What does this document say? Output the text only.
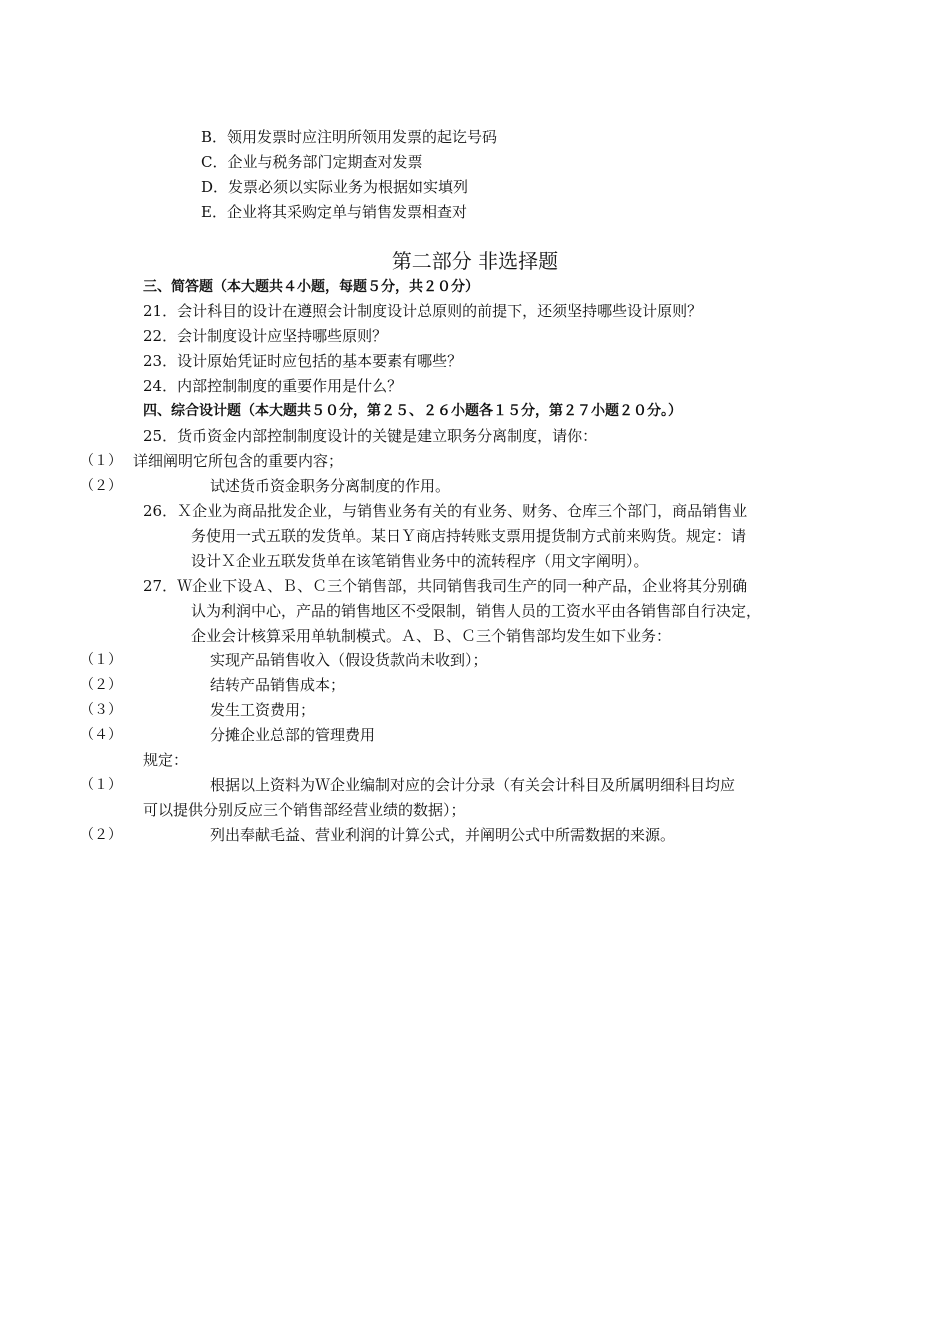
B．领用发票时应注明所领用发票的起讫号码
C．企业与税务部门定期查对发票
D．发票必须以实际业务为根据如实填列
E．企业将其采购定单与销售发票相查对
第二部分 非选择题
三、简答题（本大题共４小题，每题５分，共２０分）
21．会计科目的设计在遵照会计制度设计总原则的前提下，还须坚持哪些设计原则？
22．会计制度设计应坚持哪些原则？
23．设计原始凭证时应包括的基本要素有哪些？
24．内部控制制度的重要作用是什么？
四、综合设计题（本大题共５０分，第２５、２６小题各１５分，第２７小题２０分。）
25．货币资金内部控制制度设计的关键是建立职务分离制度，请你：
（１） 详细阐明它所包含的重要内容；
（２）	试述货币资金职务分离制度的作用。
26．Ｘ企业为商品批发企业，与销售业务有关的有业务、财务、仓库三个部门，商品销售业
务使用一式五联的发货单。某日Ｙ商店持转账支票用提货制方式前来购货。规定：请
设计Ｘ企业五联发货单在该笔销售业务中的流转程序（用文字阐明）。
27．Ｗ企业下设Ａ、Ｂ、Ｃ三个销售部，共同销售我司生产的同一种产品，企业将其分别确
认为利润中心，产品的销售地区不受限制，销售人员的工资水平由各销售部自行决定，
企业会计核算采用单轨制模式。Ａ、Ｂ、Ｃ三个销售部均发生如下业务：
（１）	实现产品销售收入（假设货款尚未收到）；
（２）	结转产品销售成本；
（３）	发生工资费用；
（４）	分摊企业总部的管理费用
规定：
（１）	根据以上资料为Ｗ企业编制对应的会计分录（有关会计科目及所属明细科目均应
可以提供分别反应三个销售部经营业绩的数据）；
（２）	列出奉献毛益、营业利润的计算公式，并阐明公式中所需数据的来源。
